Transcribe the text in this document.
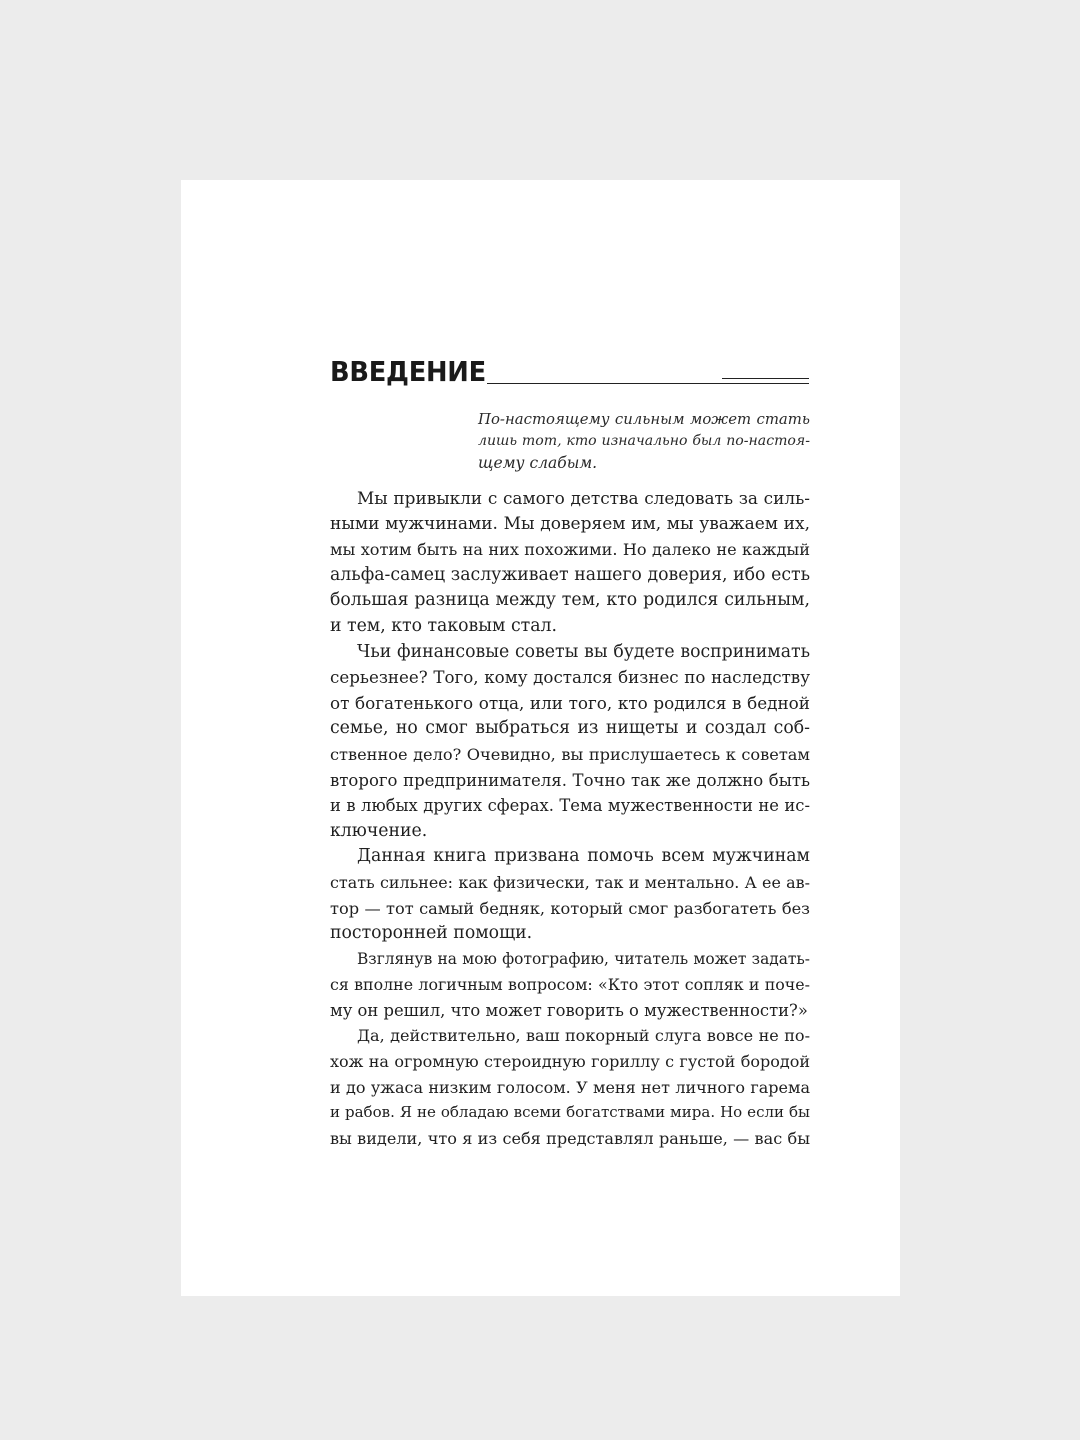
ВВЕДЕНИЕ
По-настоящему сильным может стать
лишь тот, кто изначально был по-настоя-
щему слабым.
Мы привыкли с самого детства следовать за силь-
ными мужчинами. Мы доверяем им, мы уважаем их,
мы хотим быть на них похожими. Но далеко не каждый
альфа-самец заслуживает нашего доверия, ибо есть
большая разница между тем, кто родился сильным,
и тем, кто таковым стал.
Чьи финансовые советы вы будете воспринимать
серьезнее? Того, кому достался бизнес по наследству
от богатенького отца, или того, кто родился в бедной
семье, но смог выбраться из нищеты и создал соб-
ственное дело? Очевидно, вы прислушаетесь к советам
второго предпринимателя. Точно так же должно быть
и в любых других сферах. Тема мужественности не ис-
ключение.
Данная книга призвана помочь всем мужчинам
стать сильнее: как физически, так и ментально. А ее ав-
тор — тот самый бедняк, который смог разбогатеть без
посторонней помощи.
Взглянув на мою фотографию, читатель может задать-
ся вполне логичным вопросом: «Кто этот сопляк и поче-
му он решил, что может говорить о мужественности?»
Да, действительно, ваш покорный слуга вовсе не по-
хож на огромную стероидную гориллу с густой бородой
и до ужаса низким голосом. У меня нет личного гарема
и рабов. Я не обладаю всеми богатствами мира. Но если бы
вы видели, что я из себя представлял раньше, — вас бы
